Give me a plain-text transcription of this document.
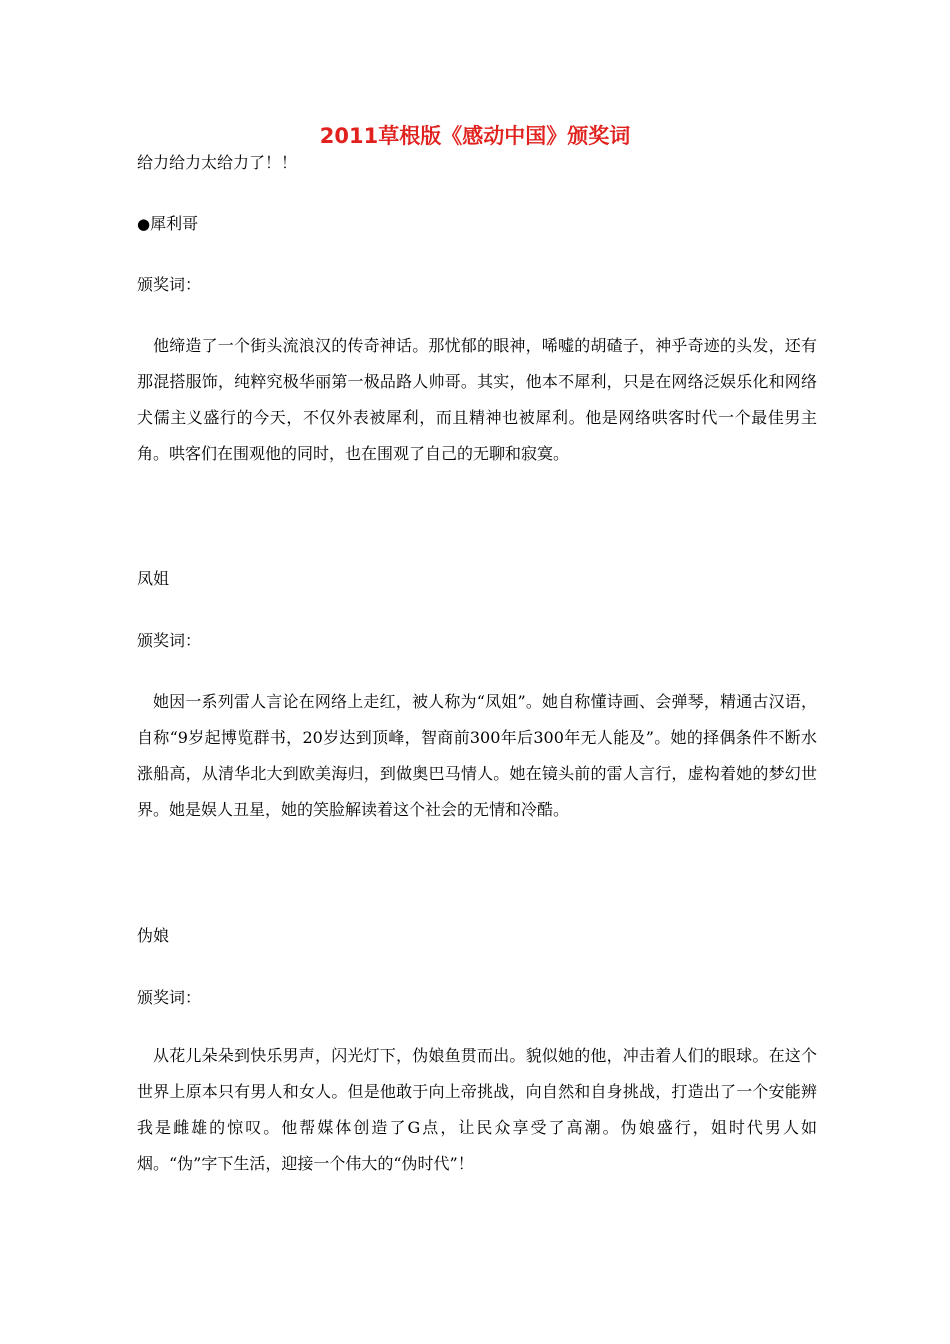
2011草根版《感动中国》颁奖词

给力给力太给力了！！

●犀利哥

颁奖词：

他缔造了一个街头流浪汉的传奇神话。那忧郁的眼神，唏嘘的胡碴子，神乎奇迹的头发，还有那混搭服饰，纯粹究极华丽第一极品路人帅哥。其实，他本不犀利，只是在网络泛娱乐化和网络犬儒主义盛行的今天，不仅外表被犀利，而且精神也被犀利。他是网络哄客时代一个最佳男主角。哄客们在围观他的同时，也在围观了自己的无聊和寂寞。

凤姐

颁奖词：

她因一系列雷人言论在网络上走红，被人称为“凤姐”。她自称懂诗画、会弹琴，精通古汉语，自称“9岁起博览群书，20岁达到顶峰，智商前300年后300年无人能及”。她的择偶条件不断水涨船高，从清华北大到欧美海归，到做奥巴马情人。她在镜头前的雷人言行，虚构着她的梦幻世界。她是娱人丑星，她的笑脸解读着这个社会的无情和冷酷。

伪娘

颁奖词：

从花儿朵朵到快乐男声，闪光灯下，伪娘鱼贯而出。貌似她的他，冲击着人们的眼球。在这个世界上原本只有男人和女人。但是他敢于向上帝挑战，向自然和自身挑战，打造出了一个安能辨我是雌雄的惊叹。他帮媒体创造了G点，让民众享受了高潮。伪娘盛行，姐时代男人如烟。“伪”字下生活，迎接一个伟大的“伪时代”！
